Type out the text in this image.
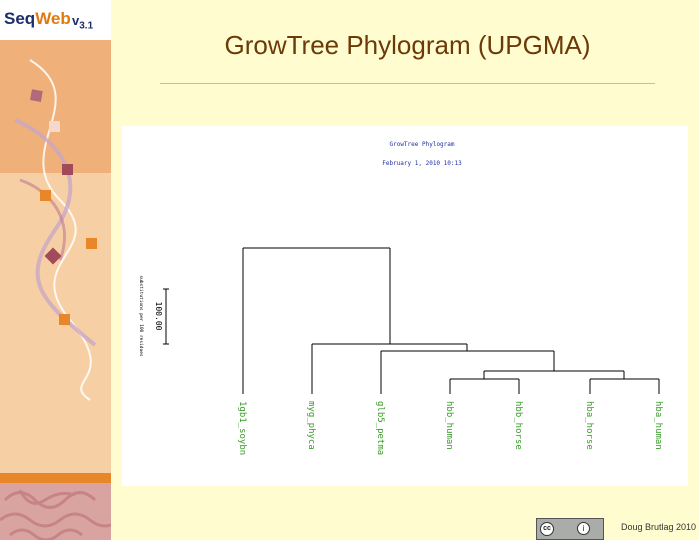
SeqWeb $v_{3.1}$
GrowTree Phylogram (UPGMA)
GrowTree Phylogram
February 1, 2010 10:13
100.00
substitutions per 100 residues
1gb1_soybn	myg_phyca	glb5_petma	hbb_human	hbb_horse	hba_horse	hba_human
cc	i	Doug Brutlag 2010
